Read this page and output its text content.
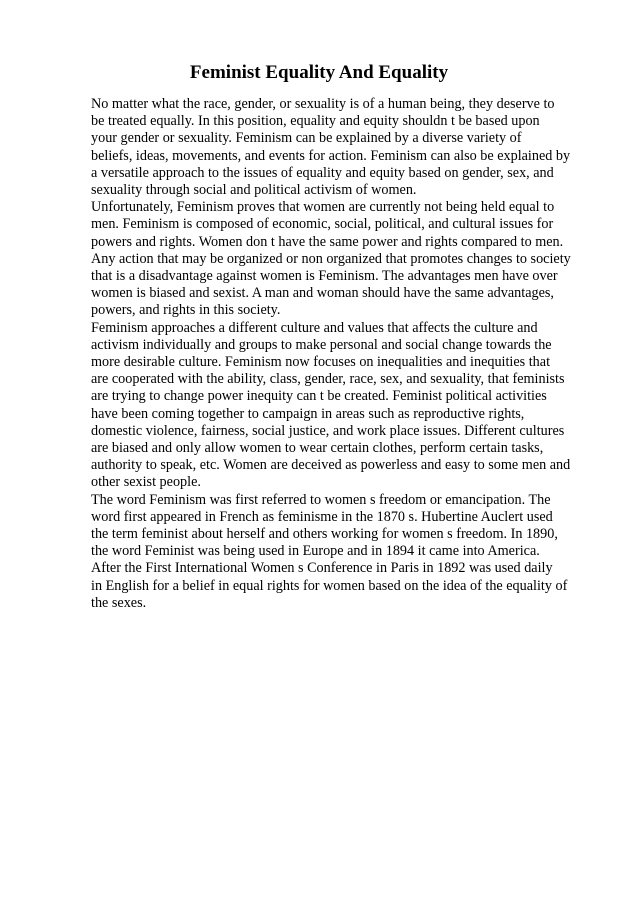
Feminist Equality And Equality

No matter what the race, gender, or sexuality is of a human being, they deserve to
be treated equally. In this position, equality and equity shouldn t be based upon
your gender or sexuality. Feminism can be explained by a diverse variety of
beliefs, ideas, movements, and events for action. Feminism can also be explained by
a versatile approach to the issues of equality and equity based on gender, sex, and
sexuality through social and political activism of women.

Unfortunately, Feminism proves that women are currently not being held equal to
men. Feminism is composed of economic, social, political, and cultural issues for
powers and rights. Women don t have the same power and rights compared to men.
Any action that may be organized or non organized that promotes changes to society
that is a disadvantage against women is Feminism. The advantages men have over
women is biased and sexist. A man and woman should have the same advantages,
powers, and rights in this society.

Feminism approaches a different culture and values that affects the culture and
activism individually and groups to make personal and social change towards the
more desirable culture. Feminism now focuses on inequalities and inequities that
are cooperated with the ability, class, gender, race, sex, and sexuality, that feminists
are trying to change power inequity can t be created. Feminist political activities
have been coming together to campaign in areas such as reproductive rights,
domestic violence, fairness, social justice, and work place issues. Different cultures
are biased and only allow women to wear certain clothes, perform certain tasks,
authority to speak, etc. Women are deceived as powerless and easy to some men and
other sexist people.

The word Feminism was first referred to women s freedom or emancipation. The
word first appeared in French as feminisme in the 1870 s. Hubertine Auclert used
the term feminist about herself and others working for women s freedom. In 1890,
the word Feminist was being used in Europe and in 1894 it came into America.
After the First International Women s Conference in Paris in 1892 was used daily
in English for a belief in equal rights for women based on the idea of the equality of
the sexes.
